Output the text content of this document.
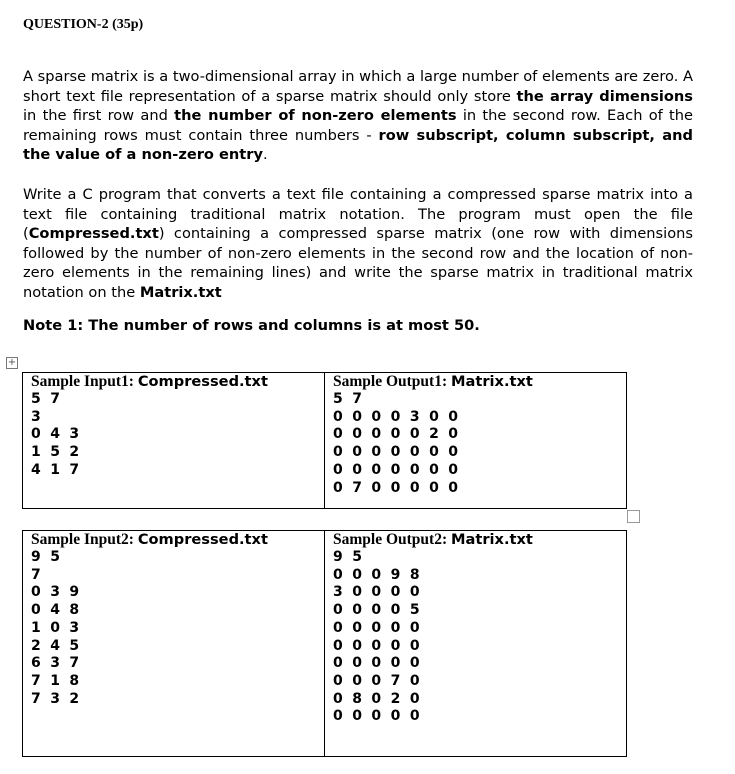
QUESTION-2 (35p)
A sparse matrix is a two-dimensional array in which a large number of elements are zero. A short text file representation of a sparse matrix should only store the array dimensions in the first row and the number of non-zero elements in the second row. Each of the remaining rows must contain three numbers - row subscript, column subscript, and the value of a non-zero entry.
Write a C program that converts a text file containing a compressed sparse matrix into a text file containing traditional matrix notation. The program must open the file (Compressed.txt) containing a compressed sparse matrix (one row with dimensions followed by the number of non-zero elements in the second row and the location of non-zero elements in the remaining lines) and write the sparse matrix in traditional matrix notation on the Matrix.txt
Note 1: The number of rows and columns is at most 50.
+
Sample Input1: Compressed.txt
5 7
3
0 4 3
1 5 2
4 1 7

Sample Output1: Matrix.txt
5 7
0 0 0 0 3 0 0
0 0 0 0 0 2 0
0 0 0 0 0 0 0
0 0 0 0 0 0 0
0 7 0 0 0 0 0
Sample Input2: Compressed.txt
9 5
7
0 3 9
0 4 8
1 0 3
2 4 5
6 3 7
7 1 8
7 3 2

Sample Output2: Matrix.txt
9 5
0 0 0 9 8
3 0 0 0 0
0 0 0 0 5
0 0 0 0 0
0 0 0 0 0
0 0 0 0 0
0 0 0 7 0
0 8 0 2 0
0 0 0 0 0
